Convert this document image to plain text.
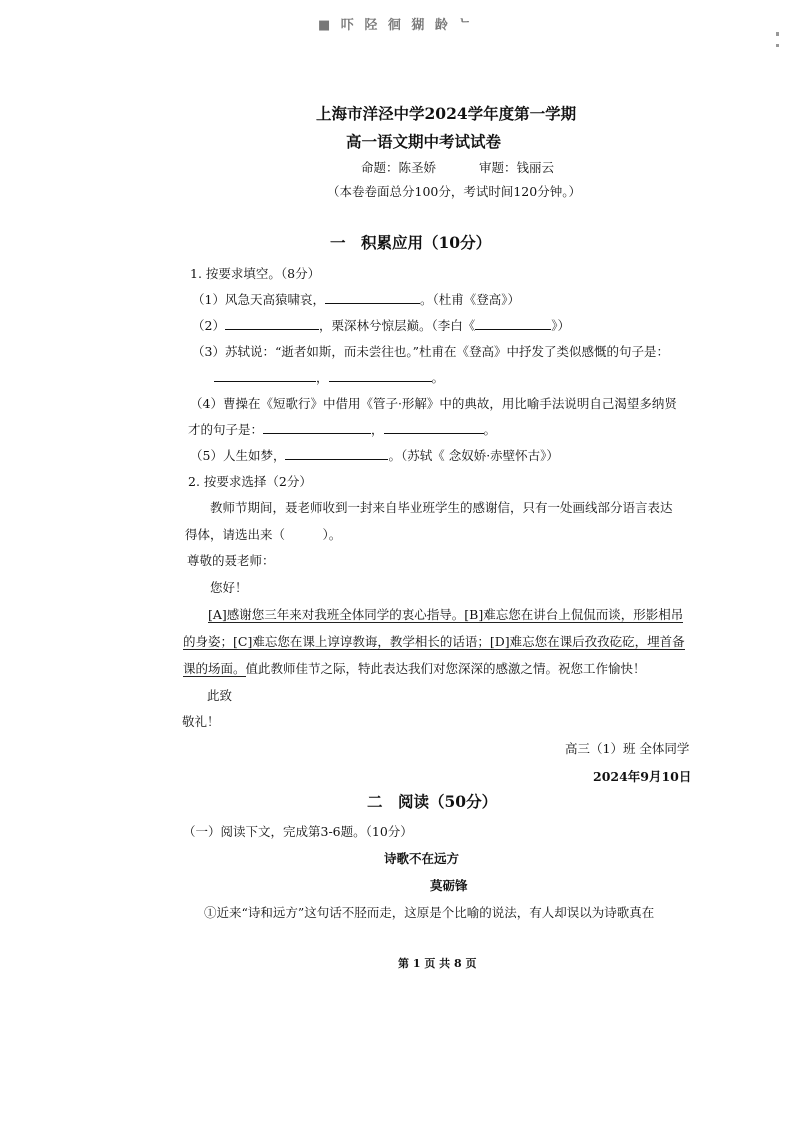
■ 吓 陉 徊 猢 龄 ᄂ
上海市洋泾中学2024学年度第一学期
高一语文期中考试试卷
命题：陈圣娇	审题：钱丽云
（本卷卷面总分100分，考试时间120分钟。）
一　积累应用（10分）
1. 按要求填空。（8分）
（1）风急天高猿啸哀，	。（杜甫《登高》）
（2）	，栗深林兮惊层巅。（李白《	》）
（3）苏轼说：“逝者如斯，而未尝往也。”杜甫在《登高》中抒发了类似感慨的句子是：
，	。
（4）曹操在《短歌行》中借用《管子·形解》中的典故，用比喻手法说明自己渴望多纳贤
才的句子是：	，	。
（5）人生如梦，	。（苏轼《 念奴娇·赤壁怀古》）
2. 按要求选择（2分）
教师节期间，聂老师收到一封来自毕业班学生的感谢信，只有一处画线部分语言表达
得体，请选出来（　　　）。
尊敬的聂老师：
您好！
[A]感谢您三年来对我班全体同学的衷心指导。[B]难忘您在讲台上侃侃而谈，形影相吊
的身姿；[C]难忘您在课上谆谆教诲，教学相长的话语；[D]难忘您在课后孜孜矻矻，埋首备
课的场面。值此教师佳节之际，特此表达我们对您深深的感激之情。祝您工作愉快！
此致
敬礼！
高三（1）班 全体同学
2024年9月10日
二　阅读（50分）
（一）阅读下文，完成第3-6题。（10分）
诗歌不在远方
莫砺锋
①近来“诗和远方”这句话不胫而走，这原是个比喻的说法，有人却误以为诗歌真在
第 1 页 共 8 页
